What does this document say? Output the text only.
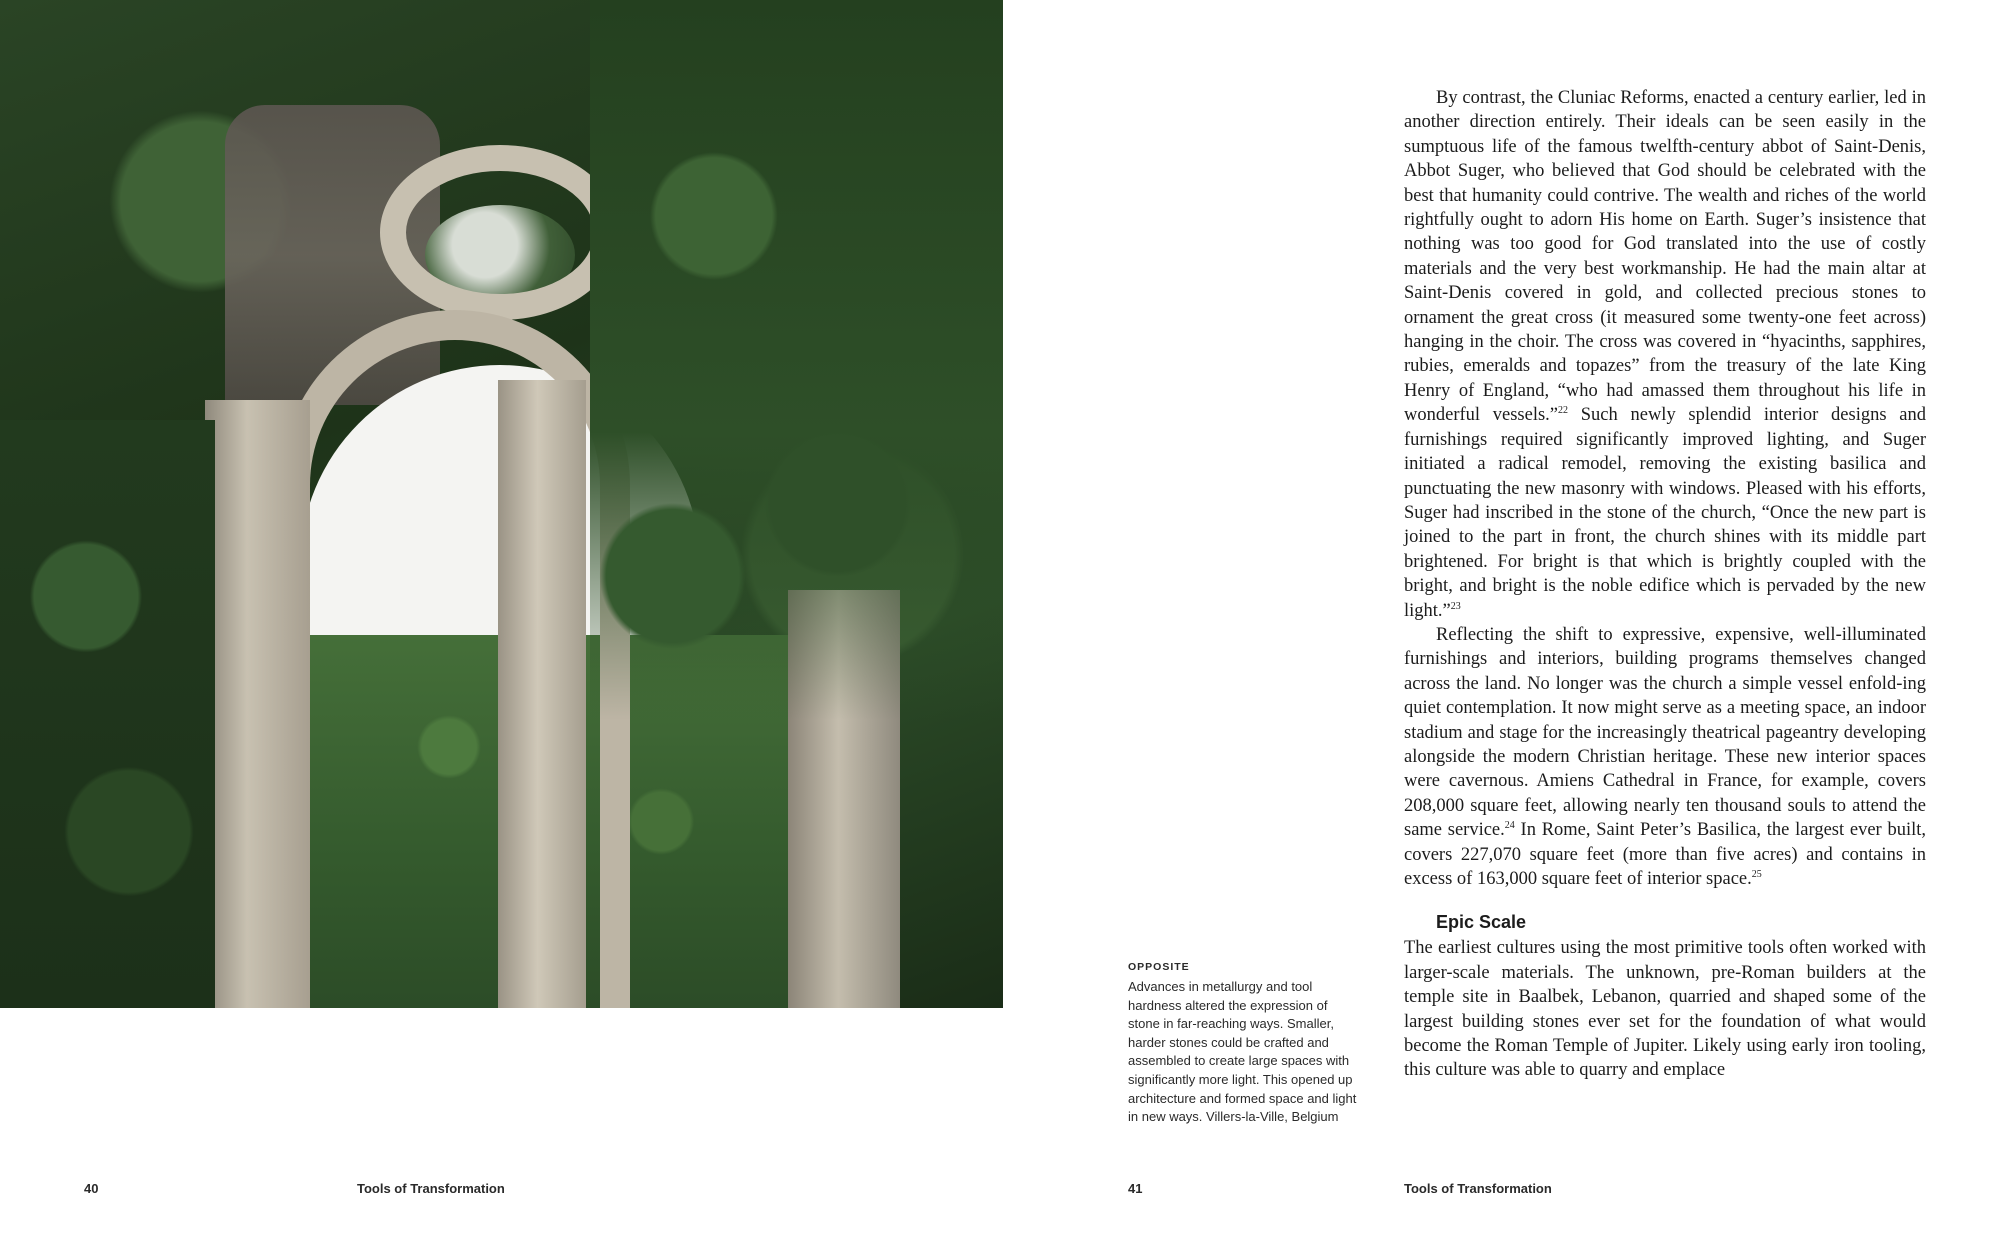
40	Tools of Transformation
OPPOSITE

Advances in metallurgy and tool hardness altered the expression of stone in far-reaching ways. Smaller, harder stones could be crafted and assembled to create large spaces with significantly more light. This opened up architecture and formed space and light in new ways. Villers-la-Ville, Belgium

By contrast, the Cluniac Reforms, enacted a century earlier, led in another direction entirely. Their ideals can be seen easily in the sumptuous life of the famous twelfth-century abbot of Saint-Denis, Abbot Suger, who believed that God should be celebrated with the best that humanity could contrive. The wealth and riches of the world rightfully ought to adorn His home on Earth. Suger’s insistence that nothing was too good for God translated into the use of costly materials and the very best workmanship. He had the main altar at Saint-Denis covered in gold, and collected precious stones to ornament the great cross (it measured some twenty-one feet across) hanging in the choir. The cross was covered in “hyacinths, sapphires, rubies, emeralds and topazes” from the treasury of the late King Henry of England, “who had amassed them throughout his life in wonderful vessels.”$^{22}$ Such newly splendid interior designs and furnishings required significantly improved lighting, and Suger initiated a radical remodel, removing the existing basilica and punctuating the new masonry with windows. Pleased with his efforts, Suger had inscribed in the stone of the church, “Once the new part is joined to the part in front, the church shines with its middle part brightened. For bright is that which is brightly coupled with the bright, and bright is the noble edifice which is pervaded by the new light.”$^{23}$

Reflecting the shift to expressive, expensive, well-illuminated furnishings and interiors, building programs themselves changed across the land. No longer was the church a simple vessel enfold-ing quiet contemplation. It now might serve as a meeting space, an indoor stadium and stage for the increasingly theatrical pageantry developing alongside the modern Christian heritage. These new interior spaces were cavernous. Amiens Cathedral in France, for example, covers 208,000 square feet, allowing nearly ten thousand souls to attend the same service.$^{24}$ In Rome, Saint Peter’s Basilica, the largest ever built, covers 227,070 square feet (more than five acres) and contains in excess of 163,000 square feet of interior space.$^{25}$

Epic Scale

The earliest cultures using the most primitive tools often worked with larger-scale materials. The unknown, pre-Roman builders at the temple site in Baalbek, Lebanon, quarried and shaped some of the largest building stones ever set for the foundation of what would become the Roman Temple of Jupiter. Likely using early iron tooling, this culture was able to quarry and emplace

41	Tools of Transformation
